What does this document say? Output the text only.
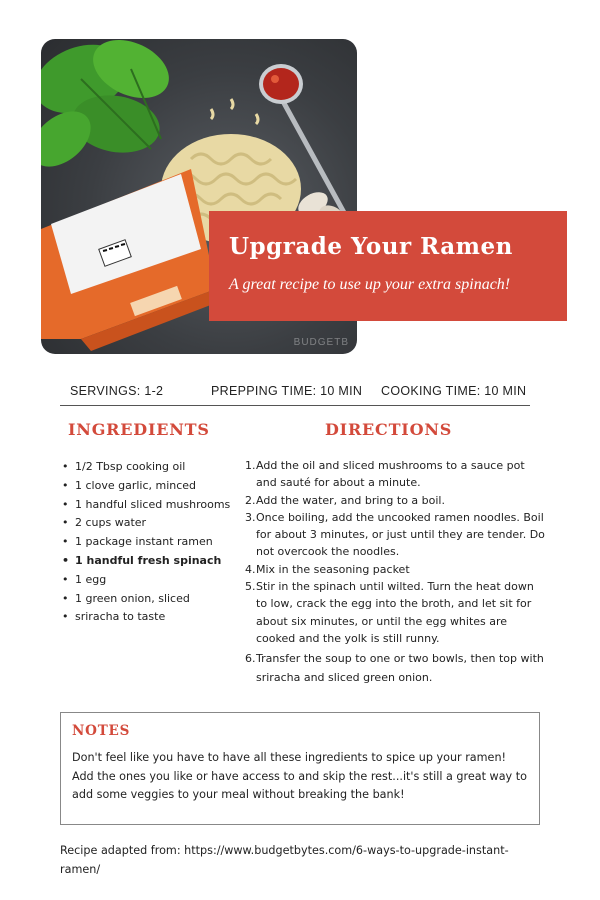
BUDGETB
Upgrade Your Ramen
A great recipe to use up your extra spinach!
SERVINGS: 1-2	PREPPING TIME: 10 MIN COOKING TIME: 10 MIN
INGREDIENTS	DIRECTIONS
• 1/2 Tbsp cooking oil
• 1 clove garlic, minced
• 1 handful sliced mushrooms
• 2 cups water
• 1 package instant ramen
• 1 handful fresh spinach
• 1 egg
• 1 green onion, sliced
• sriracha to taste
1. Add the oil and sliced mushrooms to a sauce pot and sauté for about a minute.
2. Add the water, and bring to a boil.
3. Once boiling, add the uncooked ramen noodles. Boil for about 3 minutes, or just until they are tender. Do not overcook the noodles.
4. Mix in the seasoning packet
5. Stir in the spinach until wilted. Turn the heat down to low, crack the egg into the broth, and let sit for about six minutes, or until the egg whites are cooked and the yolk is still runny.
6. Transfer the soup to one or two bowls, then top with sriracha and sliced green onion.
NOTES
Don't feel like you have to have all these ingredients to spice up your ramen! Add the ones you like or have access to and skip the rest...it's still a great way to add some veggies to your meal without breaking the bank!
Recipe adapted from: https://www.budgetbytes.com/6-ways-to-upgrade-instant-ramen/
